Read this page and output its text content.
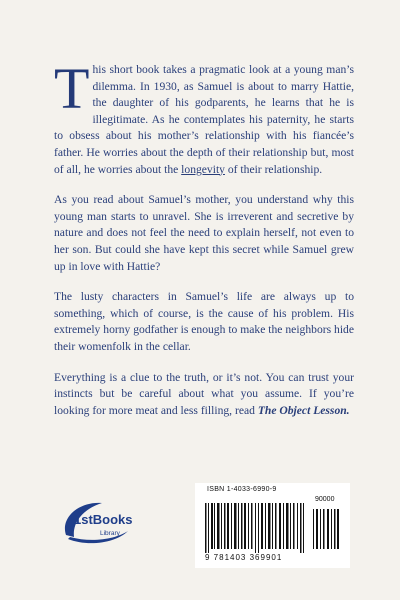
This short book takes a pragmatic look at a young man’s dilemma. In 1930, as Samuel is about to marry Hattie, the daughter of his godparents, he learns that he is illegitimate. As he contemplates his paternity, he starts to obsess about his mother’s relationship with his fiancée’s father. He worries about the depth of their relationship but, most of all, he worries about the longevity of their relationship.

As you read about Samuel’s mother, you understand why this young man starts to unravel. She is irreverent and secretive by nature and does not feel the need to explain herself, not even to her son. But could she have kept this secret while Samuel grew up in love with Hattie?

The lusty characters in Samuel’s life are always up to something, which of course, is the cause of his problem. His extremely horny godfather is enough to make the neighbors hide their womenfolk in the cellar.

Everything is a clue to the truth, or it’s not. You can trust your instincts but be careful about what you assume. If you’re looking for more meat and less filling, read The Object Lesson.

1stBooks
Library
ISBN 1-4033-6990-9
90000
9 781403 369901
